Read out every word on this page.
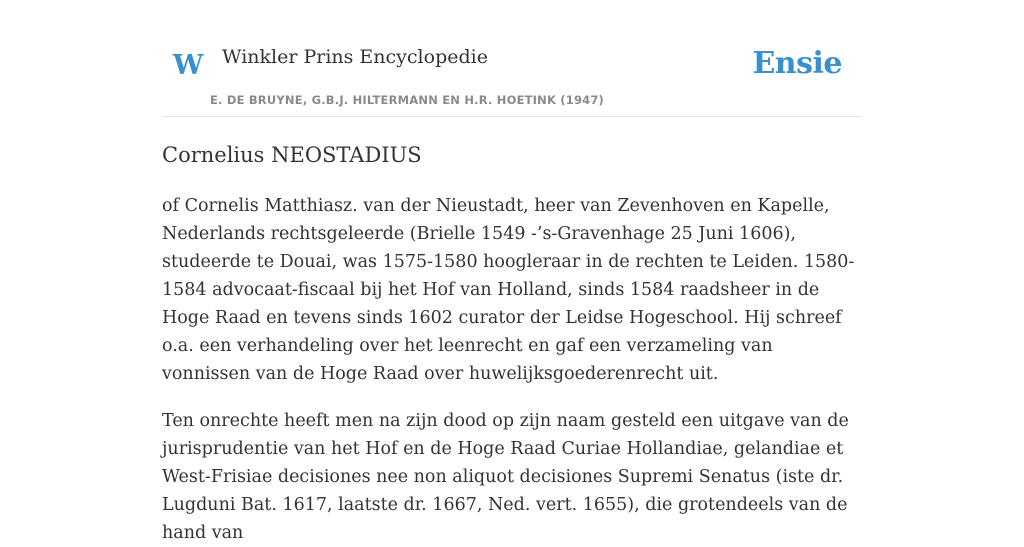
W Winkler Prins Encyclopedie
E. DE BRUYNE, G.B.J. HILTERMANN EN H.R. HOETINK (1947)
Ensie
Cornelius NEOSTADIUS

of Cornelis Matthiasz. van der Nieustadt, heer van Zevenhoven en Kapelle, Nederlands rechtsgeleerde (Brielle 1549 -’s-Gravenhage 25 Juni 1606), studeerde te Douai, was 1575-1580 hoogleraar in de rechten te Leiden. 1580-1584 advocaat-fiscaal bij het Hof van Holland, sinds 1584 raadsheer in de Hoge Raad en tevens sinds 1602 curator der Leidse Hogeschool. Hij schreef o.a. een verhandeling over het leenrecht en gaf een verzameling van vonnissen van de Hoge Raad over huwelijksgoederenrecht uit.

Ten onrechte heeft men na zijn dood op zijn naam gesteld een uitgave van de jurisprudentie van het Hof en de Hoge Raad Curiae Hollandiae, gelandiae et West-Frisiae decisiones nee non aliquot decisiones Supremi Senatus (iste dr. Lugduni Bat. 1617, laatste dr. 1667, Ned. vert. 1655), die grotendeels van de hand van
